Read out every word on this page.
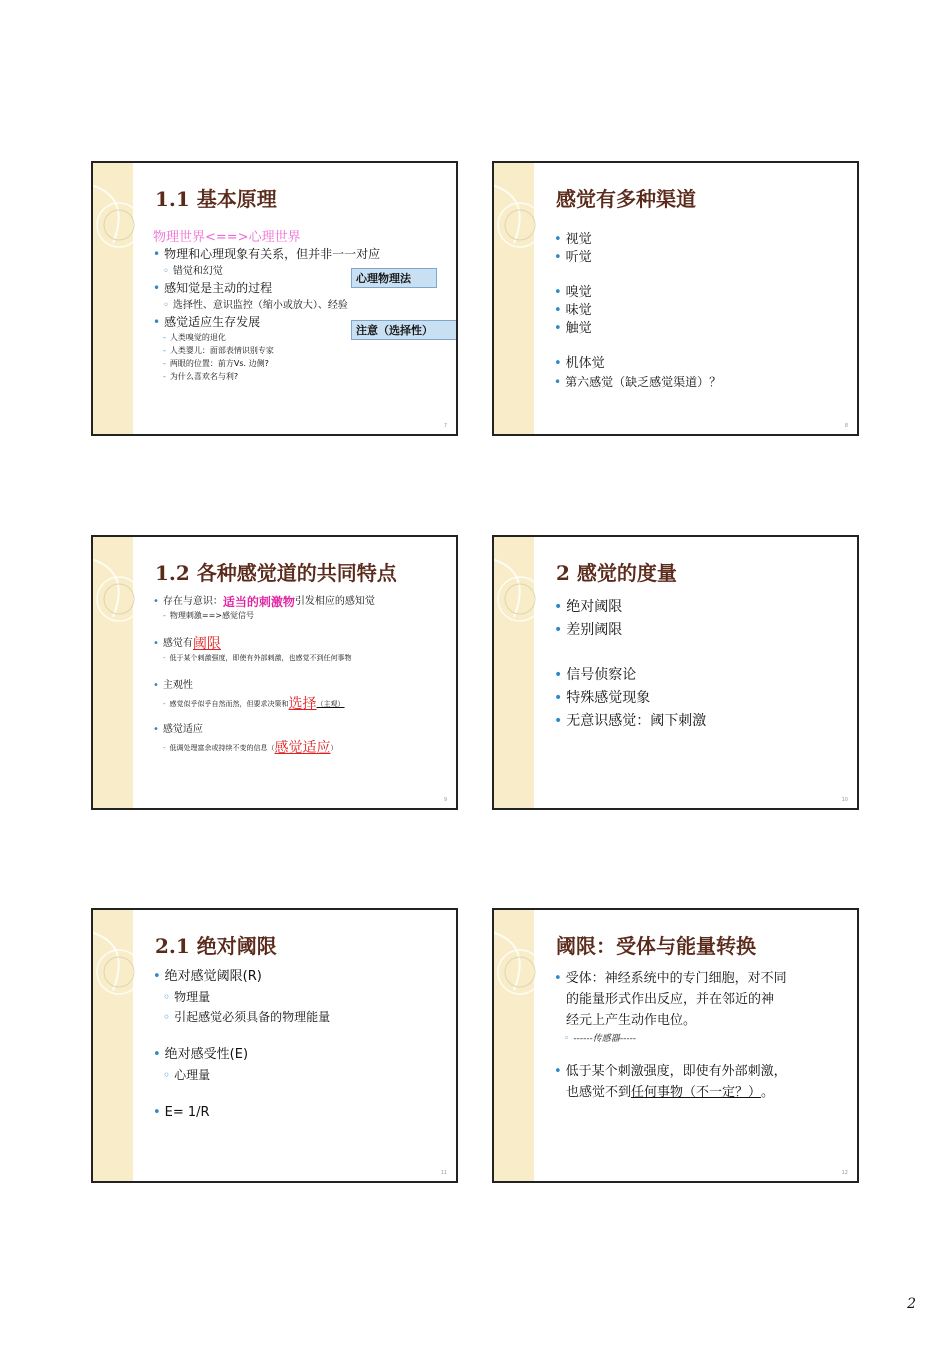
1.1 基本原理
物理世界<==>心理世界
• 物理和心理现象有关系，但并非一一对应
◦ 错觉和幻觉
• 感知觉是主动的过程
◦ 选择性、意识监控（缩小或放大）、经验
• 感觉适应生存发展
- 人类嗅觉的退化
- 人类婴儿：面部表情识别专家
- 两眼的位置：前方Vs. 边侧?
- 为什么喜欢名与利?
心理物理法
注意（选择性）
7
感觉有多种渠道
• 视觉
• 听觉
• 嗅觉
• 味觉
• 触觉
• 机体觉
• 第六感觉（缺乏感觉渠道）？
8
1.2 各种感觉道的共同特点
• 存在与意识： 适当的刺激物 引发相应的感知觉
- 物理刺激==>感觉信号
• 感觉有 阈限
- 低于某个刺激强度，即使有外部刺激，也感觉不到任何事物
• 主观性
- 感觉似乎似乎自然而然，但要求决策和 选择 （主观）
• 感觉适应
- 低调处理富余或持续不变的信息（ 感觉适应 ）
9
2 感觉的度量
• 绝对阈限
• 差别阈限
• 信号侦察论
• 特殊感觉现象
• 无意识感觉：阈下刺激
10
2.1 绝对阈限
• 绝对感觉阈限(R)
◦ 物理量
◦ 引起感觉必须具备的物理能量
• 绝对感受性(E)
◦ 心理量
• E= 1/R
11
阈限：受体与能量转换
• 受体：神经系统中的专门细胞，对不同
的能量形式作出反应，并在邻近的神
经元上产生动作电位。
◦ ------传感器-----
• 低于某个刺激强度，即使有外部刺激，
也感觉不到 任何事物 （不一定？） 。
12
2
